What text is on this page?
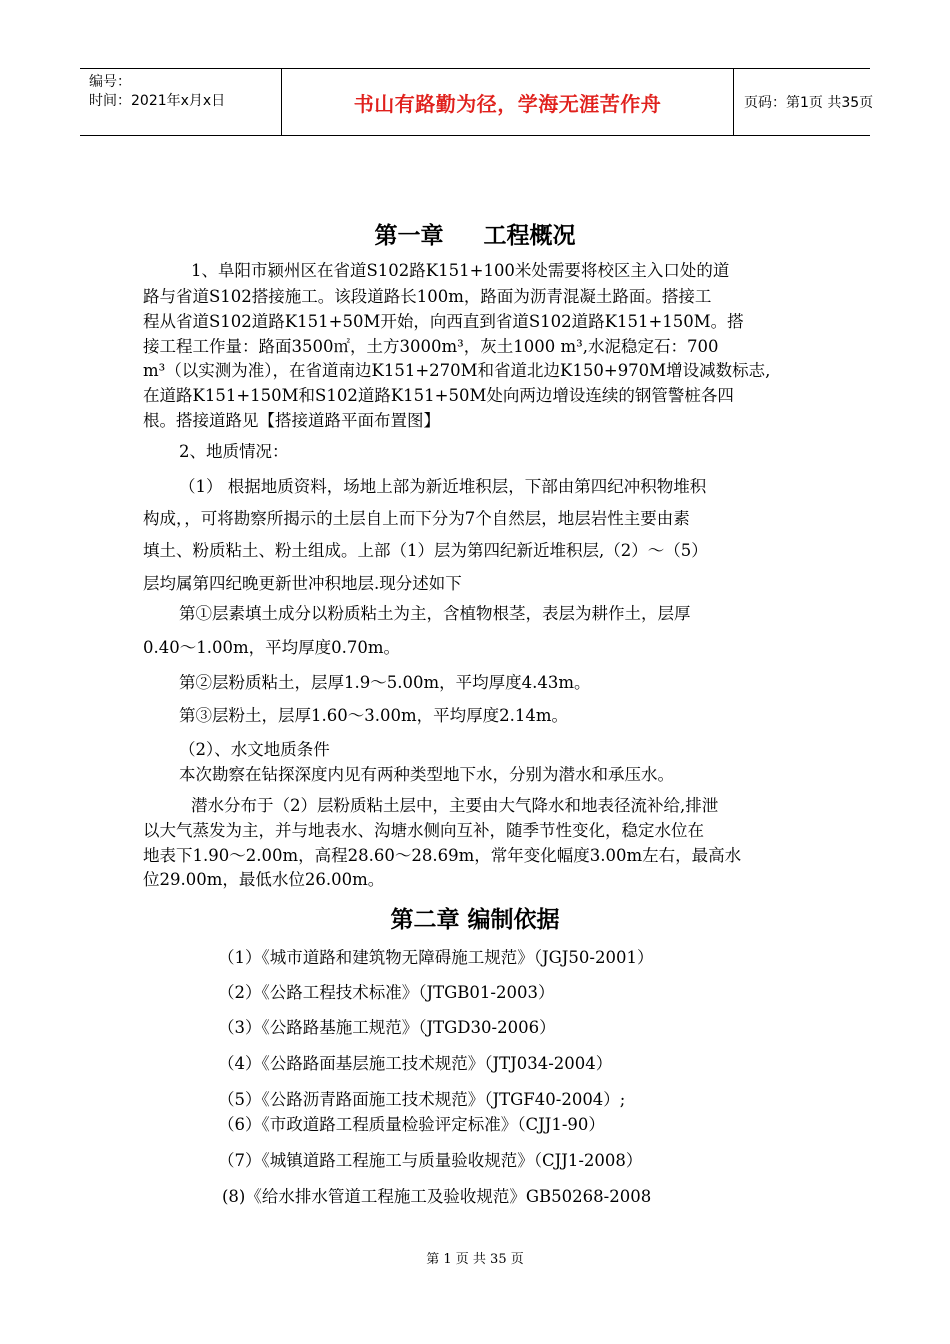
编号：
时间：2021年x月x日	书山有路勤为径，学海无涯苦作舟	页码：第1页 共35页
第一章 工程概况
1、阜阳市颍州区在省道S102路K151+100米处需要将校区主入口处的道
路与省道S102搭接施工。该段道路长100m，路面为沥青混凝土路面。搭接工
程从省道S102道路K151+50M开始，向西直到省道S102道路K151+150M。搭
接工程工作量：路面3500㎡，土方3000m³，灰土1000 m³,水泥稳定石：700
m³（以实测为准），在省道南边K151+270M和省道北边K150+970M增设减数标志,
在道路K151+150M和S102道路K151+50M处向两边增设连续的钢管警桩各四
根。搭接道路见【搭接道路平面布置图】
2、地质情况：
（1） 根据地质资料，场地上部为新近堆积层，下部由第四纪冲积物堆积
构成，，可将勘察所揭示的土层自上而下分为7个自然层，地层岩性主要由素
填土、粉质粘土、粉土组成。上部（1）层为第四纪新近堆积层,（2）～（5）
层均属第四纪晚更新世冲积地层.现分述如下
第①层素填土成分以粉质粘土为主，含植物根茎，表层为耕作土，层厚
0.40～1.00m，平均厚度0.70m。
第②层粉质粘土，层厚1.9～5.00m，平均厚度4.43m。
第③层粉土，层厚1.60～3.00m，平均厚度2.14m。
（2）、水文地质条件
本次勘察在钻探深度内见有两种类型地下水，分别为潜水和承压水。
潜水分布于（2）层粉质粘土层中，主要由大气降水和地表径流补给,排泄
以大气蒸发为主，并与地表水、沟塘水侧向互补，随季节性变化，稳定水位在
地表下1.90～2.00m，高程28.60～28.69m，常年变化幅度3.00m左右，最高水
位29.00m，最低水位26.00m。
第二章 编制依据
（1）《城市道路和建筑物无障碍施工规范》（JGJ50-2001）
（2）《公路工程技术标准》（JTGB01-2003）
（3）《公路路基施工规范》（JTGD30-2006）
（4）《公路路面基层施工技术规范》（JTJ034-2004）
（5）《公路沥青路面施工技术规范》（JTGF40-2004）;
（6）《市政道路工程质量检验评定标准》（CJJ1-90）
（7）《城镇道路工程施工与质量验收规范》（CJJ1-2008）
(8)《给水排水管道工程施工及验收规范》GB50268-2008
第 1 页 共 35 页
